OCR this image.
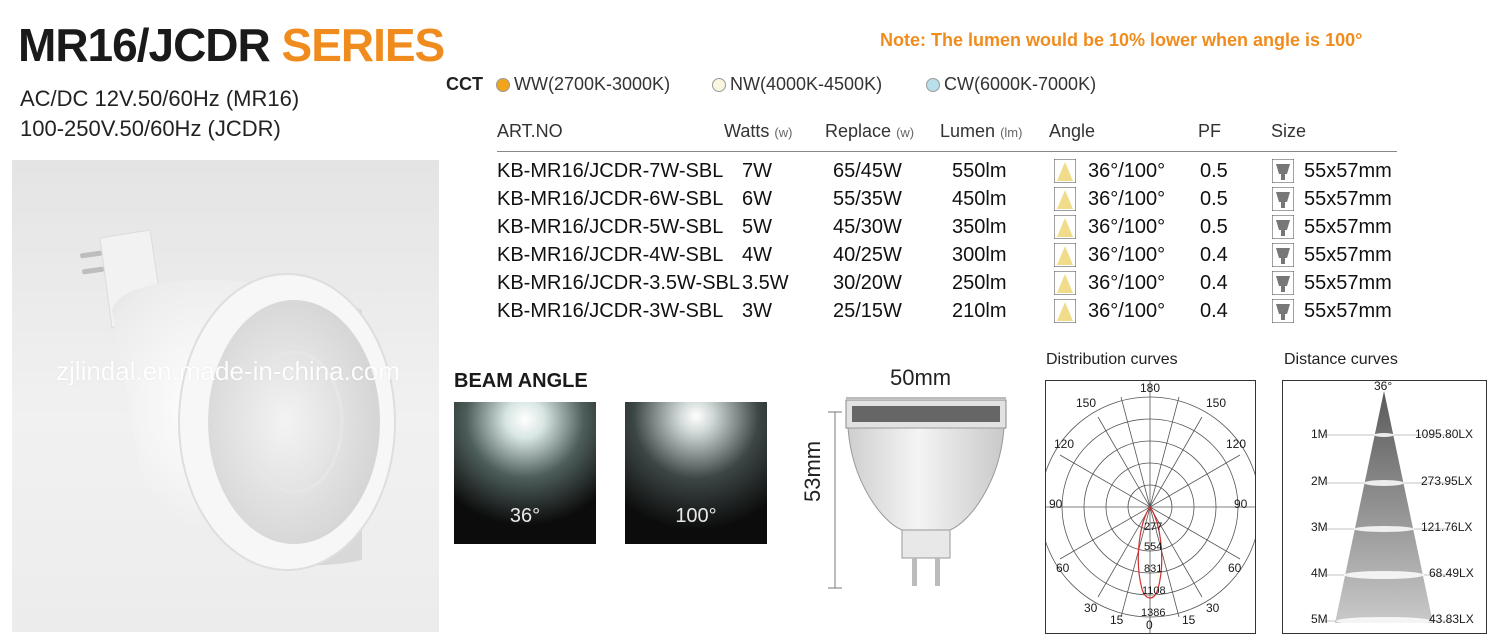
MR16/JCDR SERIES
AC/DC 12V.50/60Hz (MR16)
100-250V.50/60Hz (JCDR)
Note: The lumen would be 10% lower when angle is 100°
zjlindal.en.made-in-china.com
CCT WW(2700K-3000K)	NW(4000K-4500K)	CW(6000K-7000K)
ART.NO	Watts (w) Replace (w) Lumen (lm) Angle	PF	Size
KB-MR16/JCDR-7W-SBL 7W	65/45W	550lm	36°/100° 0.5	55x57mm
KB-MR16/JCDR-6W-SBL 6W	55/35W	450lm	36°/100° 0.5	55x57mm
KB-MR16/JCDR-5W-SBL 5W	45/30W	350lm	36°/100° 0.5	55x57mm
KB-MR16/JCDR-4W-SBL 4W	40/25W	300lm	36°/100° 0.4	55x57mm
KB-MR16/JCDR-3.5W-SBL 3.5W 30/20W	250lm	36°/100° 0.4	55x57mm
KB-MR16/JCDR-3W-SBL 3W	25/15W	210lm	36°/100° 0.4	55x57mm
BEAM ANGLE
36°	100°
50mm
53mm
Distribution curves
180
150	150
120	120
90	90
60	60
30
15 0 15
30
277
554
831
1108
1386
Distance curves
36°
1M	1095.80LX
2M	273.95LX
3M	121.76LX
4M	68.49LX
5M	43.83LX
